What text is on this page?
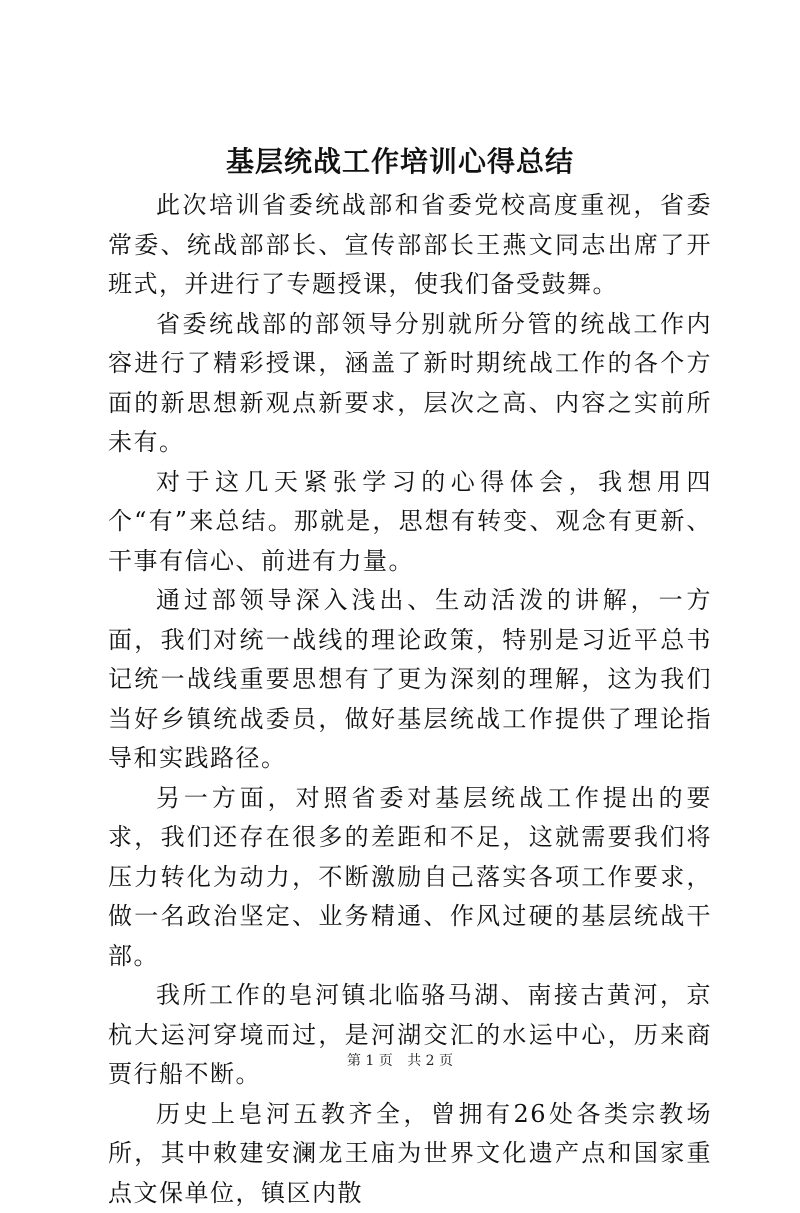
基层统战工作培训心得总结

此次培训省委统战部和省委党校高度重视，省委常委、统战部部长、宣传部部长王燕文同志出席了开班式，并进行了专题授课，使我们备受鼓舞。

省委统战部的部领导分别就所分管的统战工作内容进行了精彩授课，涵盖了新时期统战工作的各个方面的新思想新观点新要求，层次之高、内容之实前所未有。

对于这几天紧张学习的心得体会，我想用四个“有”来总结。那就是，思想有转变、观念有更新、干事有信心、前进有力量。

通过部领导深入浅出、生动活泼的讲解，一方面，我们对统一战线的理论政策，特别是习近平总书记统一战线重要思想有了更为深刻的理解，这为我们当好乡镇统战委员，做好基层统战工作提供了理论指导和实践路径。

另一方面，对照省委对基层统战工作提出的要求，我们还存在很多的差距和不足，这就需要我们将压力转化为动力，不断激励自己落实各项工作要求，做一名政治坚定、业务精通、作风过硬的基层统战干部。

我所工作的皂河镇北临骆马湖、南接古黄河，京杭大运河穿境而过，是河湖交汇的水运中心，历来商贾行船不断。

历史上皂河五教齐全，曾拥有26处各类宗教场所，其中敕建安澜龙王庙为世界文化遗产点和国家重点文保单位，镇区内散

第 1 页 共 2 页
